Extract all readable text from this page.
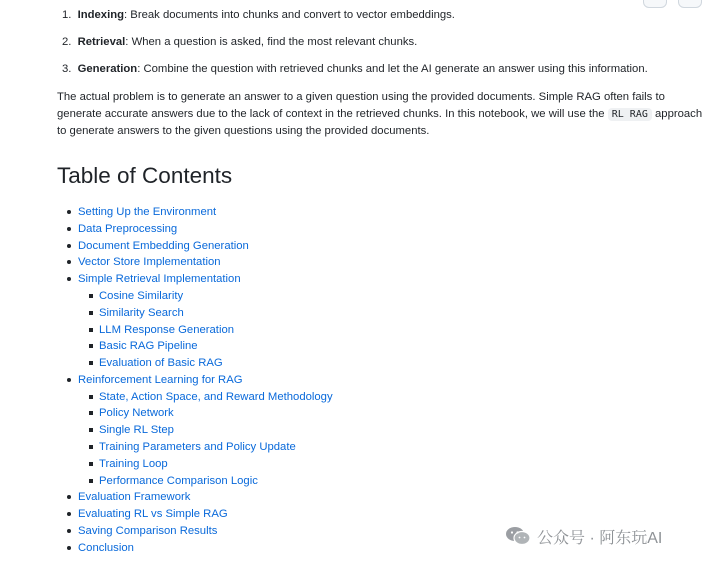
1. Indexing: Break documents into chunks and convert to vector embeddings.
2. Retrieval: When a question is asked, find the most relevant chunks.
3. Generation: Combine the question with retrieved chunks and let the AI generate an answer using this information.

The actual problem is to generate an answer to a given question using the provided documents. Simple RAG often fails to generate accurate answers due to the lack of context in the retrieved chunks. In this notebook, we will use the RL RAG approach to generate answers to the given questions using the provided documents.

Table of Contents
Setting Up the Environment
Data Preprocessing
Document Embedding Generation
Vector Store Implementation
Simple Retrieval Implementation
Cosine Similarity
Similarity Search
LLM Response Generation
Basic RAG Pipeline
Evaluation of Basic RAG
Reinforcement Learning for RAG
State, Action Space, and Reward Methodology
Policy Network
Single RL Step
Training Parameters and Policy Update
Training Loop
Performance Comparison Logic
Evaluation Framework
Evaluating RL vs Simple RAG
Saving Comparison Results
Conclusion
公众号 · 阿东玩AI
